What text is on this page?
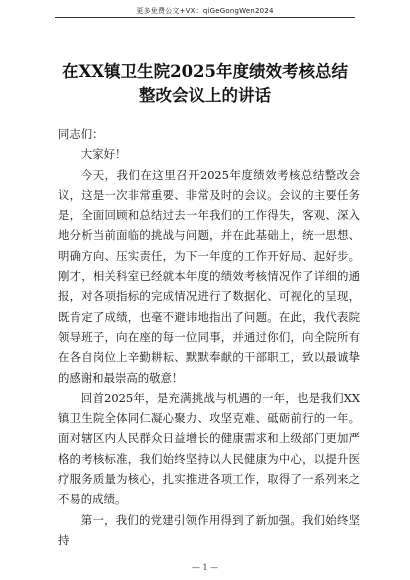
更多免费公文+VX：qiGeGongWen2024
在XX镇卫生院2025年度绩效考核总结
整改会议上的讲话

同志们：

大家好！

今天，我们在这里召开2025年度绩效考核总结整改会议，这是一次非常重要、非常及时的会议。会议的主要任务是，全面回顾和总结过去一年我们的工作得失，客观、深入地分析当前面临的挑战与问题，并在此基础上，统一思想、明确方向、压实责任，为下一年度的工作开好局、起好步。刚才，相关科室已经就本年度的绩效考核情况作了详细的通报，对各项指标的完成情况进行了数据化、可视化的呈现，既肯定了成绩，也毫不避讳地指出了问题。在此，我代表院领导班子，向在座的每一位同事，并通过你们，向全院所有在各自岗位上辛勤耕耘、默默奉献的干部职工，致以最诚挚的感谢和最崇高的敬意！

回首2025年，是充满挑战与机遇的一年，也是我们XX镇卫生院全体同仁凝心聚力、攻坚克难、砥砺前行的一年。面对辖区内人民群众日益增长的健康需求和上级部门更加严格的考核标准，我们始终坚持以人民健康为中心，以提升医疗服务质量为核心，扎实推进各项工作，取得了一系列来之不易的成绩。

第一，我们的党建引领作用得到了新加强。我们始终坚持

— 1 —
